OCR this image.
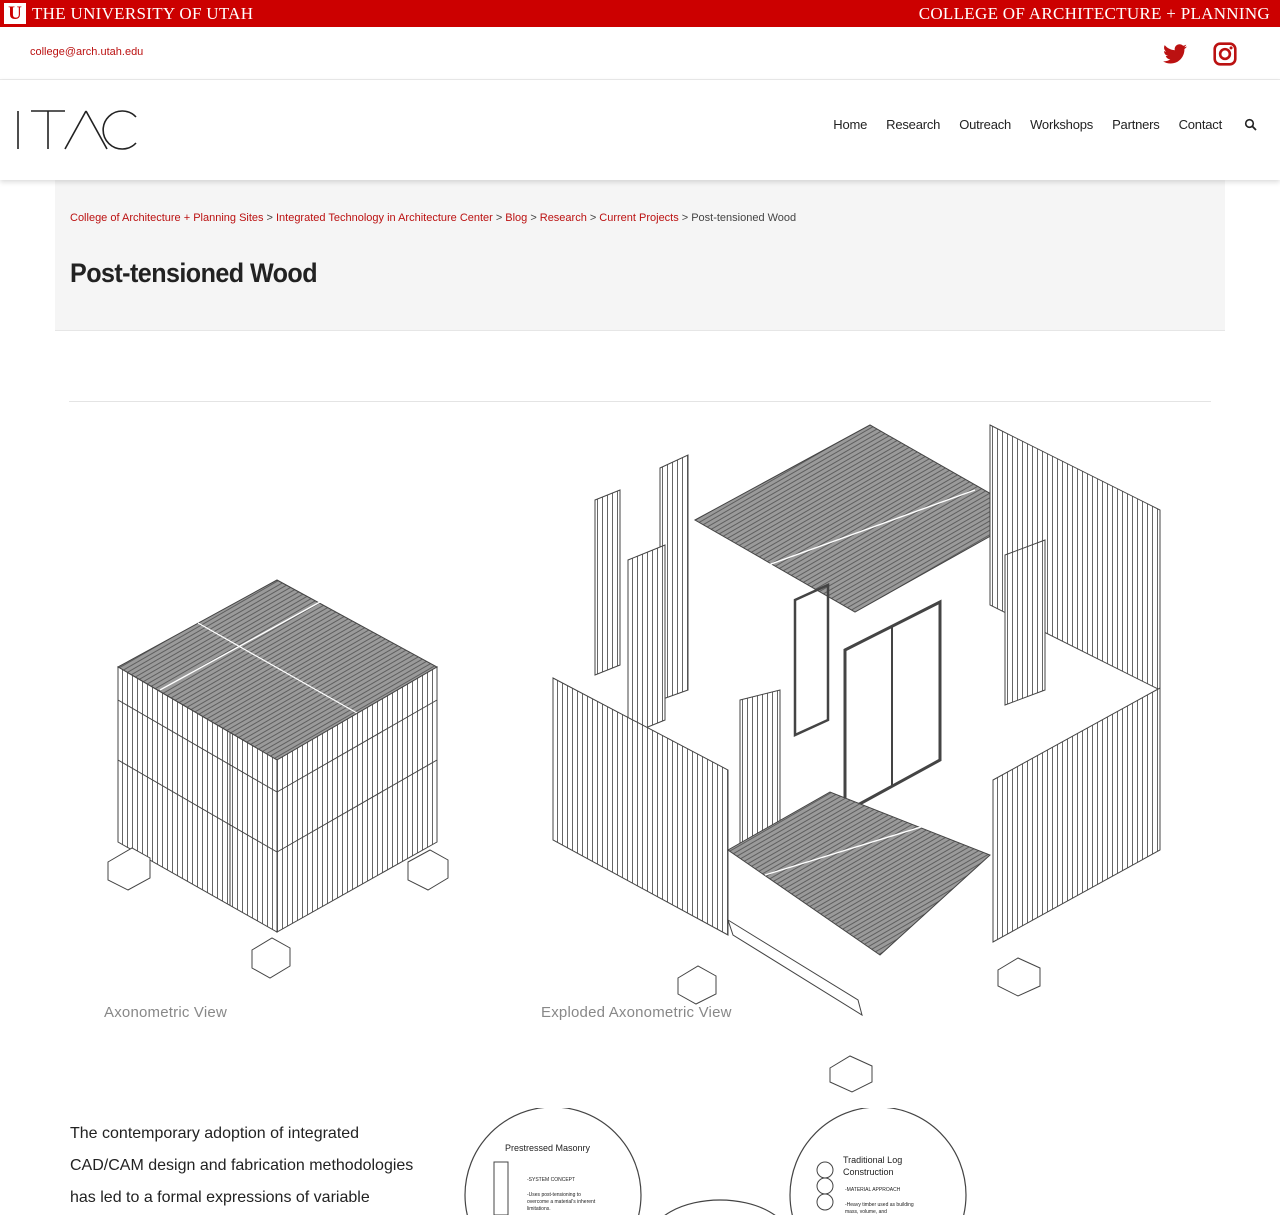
U THE UNIVERSITY OF UTAH	COLLEGE OF ARCHITECTURE + PLANNING
college@arch.utah.edu
Home Research Outreach Workshops Partners Contact
College of Architecture + Planning Sites > Integrated Technology in Architecture Center > Blog > Research > Current Projects > Post-tensioned Wood
Post-tensioned Wood
Axonometric View	Exploded Axonometric View

The contemporary adoption of integrated CAD/CAM design and fabrication methodologies has led to a formal expressions of variable

Prestressed Masonry
-SYSTEM CONCEPT
-Uses post-tensioning to overcome a material's inherent limitations.
Traditional Log Construction
-MATERIAL APPROACH
-Heavy timber used as building mass, volume, and
